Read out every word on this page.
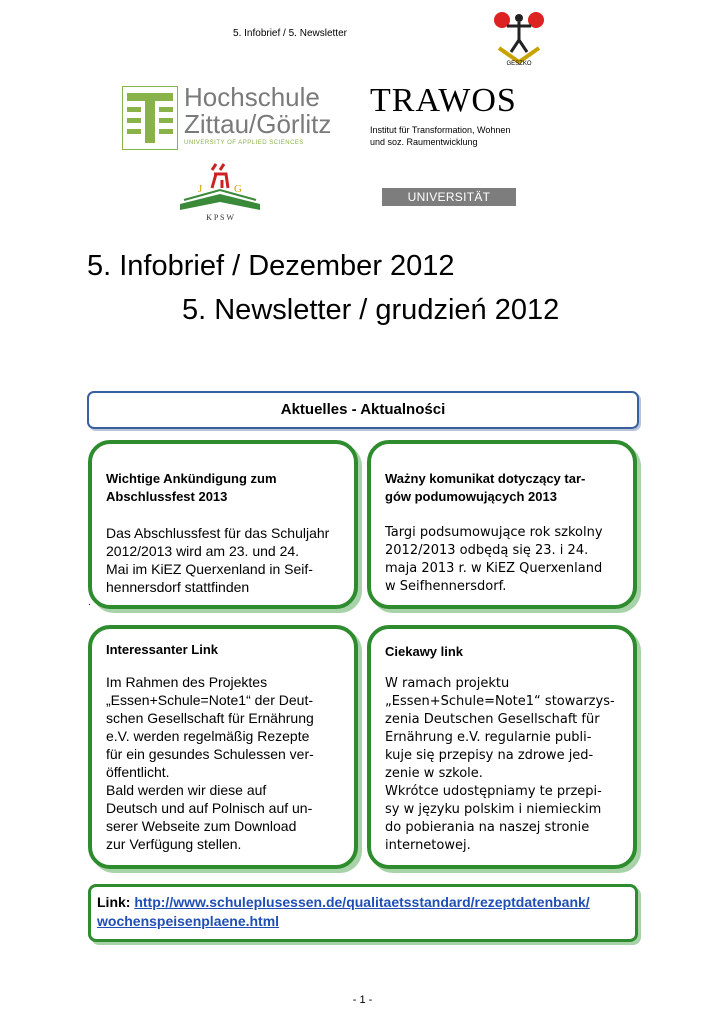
5. Infobrief / 5. Newsletter
GESZKO
Hochschule
Zittau/Görlitz
UNIVERSITY OF APPLIED SCIENCES
TRAWOS
Institut für Transformation, Wohnen
und soz. Raumentwicklung
J	G
K P S W
UNIVERSITÄT LEIPZIG
5. Infobrief / Dezember 2012
5. Newsletter / grudzień 2012
Aktuelles - Aktualności
Wichtige Ankündigung zum
Abschlussfest 2013
Das Abschlussfest für das Schuljahr
2012/2013 wird am 23. und 24.
Mai im KiEZ Querxenland in Seif-
hennersdorf stattfinden
Ważny komunikat dotyczący tar-
gów podumowujących 2013
Targi podsumowujące rok szkolny
2012/2013 odbędą się 23. i 24.
maja 2013 r. w KiEZ Querxenland
w Seifhennersdorf.
.
Interessanter Link
Im Rahmen des Projektes
„Essen+Schule=Note1“ der Deut-
schen Gesellschaft für Ernährung
e.V. werden regelmäßig Rezepte
für ein gesundes Schulessen ver-
öffentlicht.
Bald werden wir diese auf
Deutsch und auf Polnisch auf un-
serer Webseite zum Download
zur Verfügung stellen.
Ciekawy link
W ramach projektu
„Essen+Schule=Note1“ stowarzys-
zenia Deutschen Gesellschaft für
Ernährung e.V. regularnie publi-
kuje się przepisy na zdrowe jed-
zenie w szkole.
Wkrótce udostępniamy te przepi-
sy w języku polskim i niemieckim
do pobierania na naszej stronie
internetowej.
Link: http://www.schuleplusessen.de/qualitaetsstandard/rezeptdatenbank/
wochenspeisenplaene.html
- 1 -
